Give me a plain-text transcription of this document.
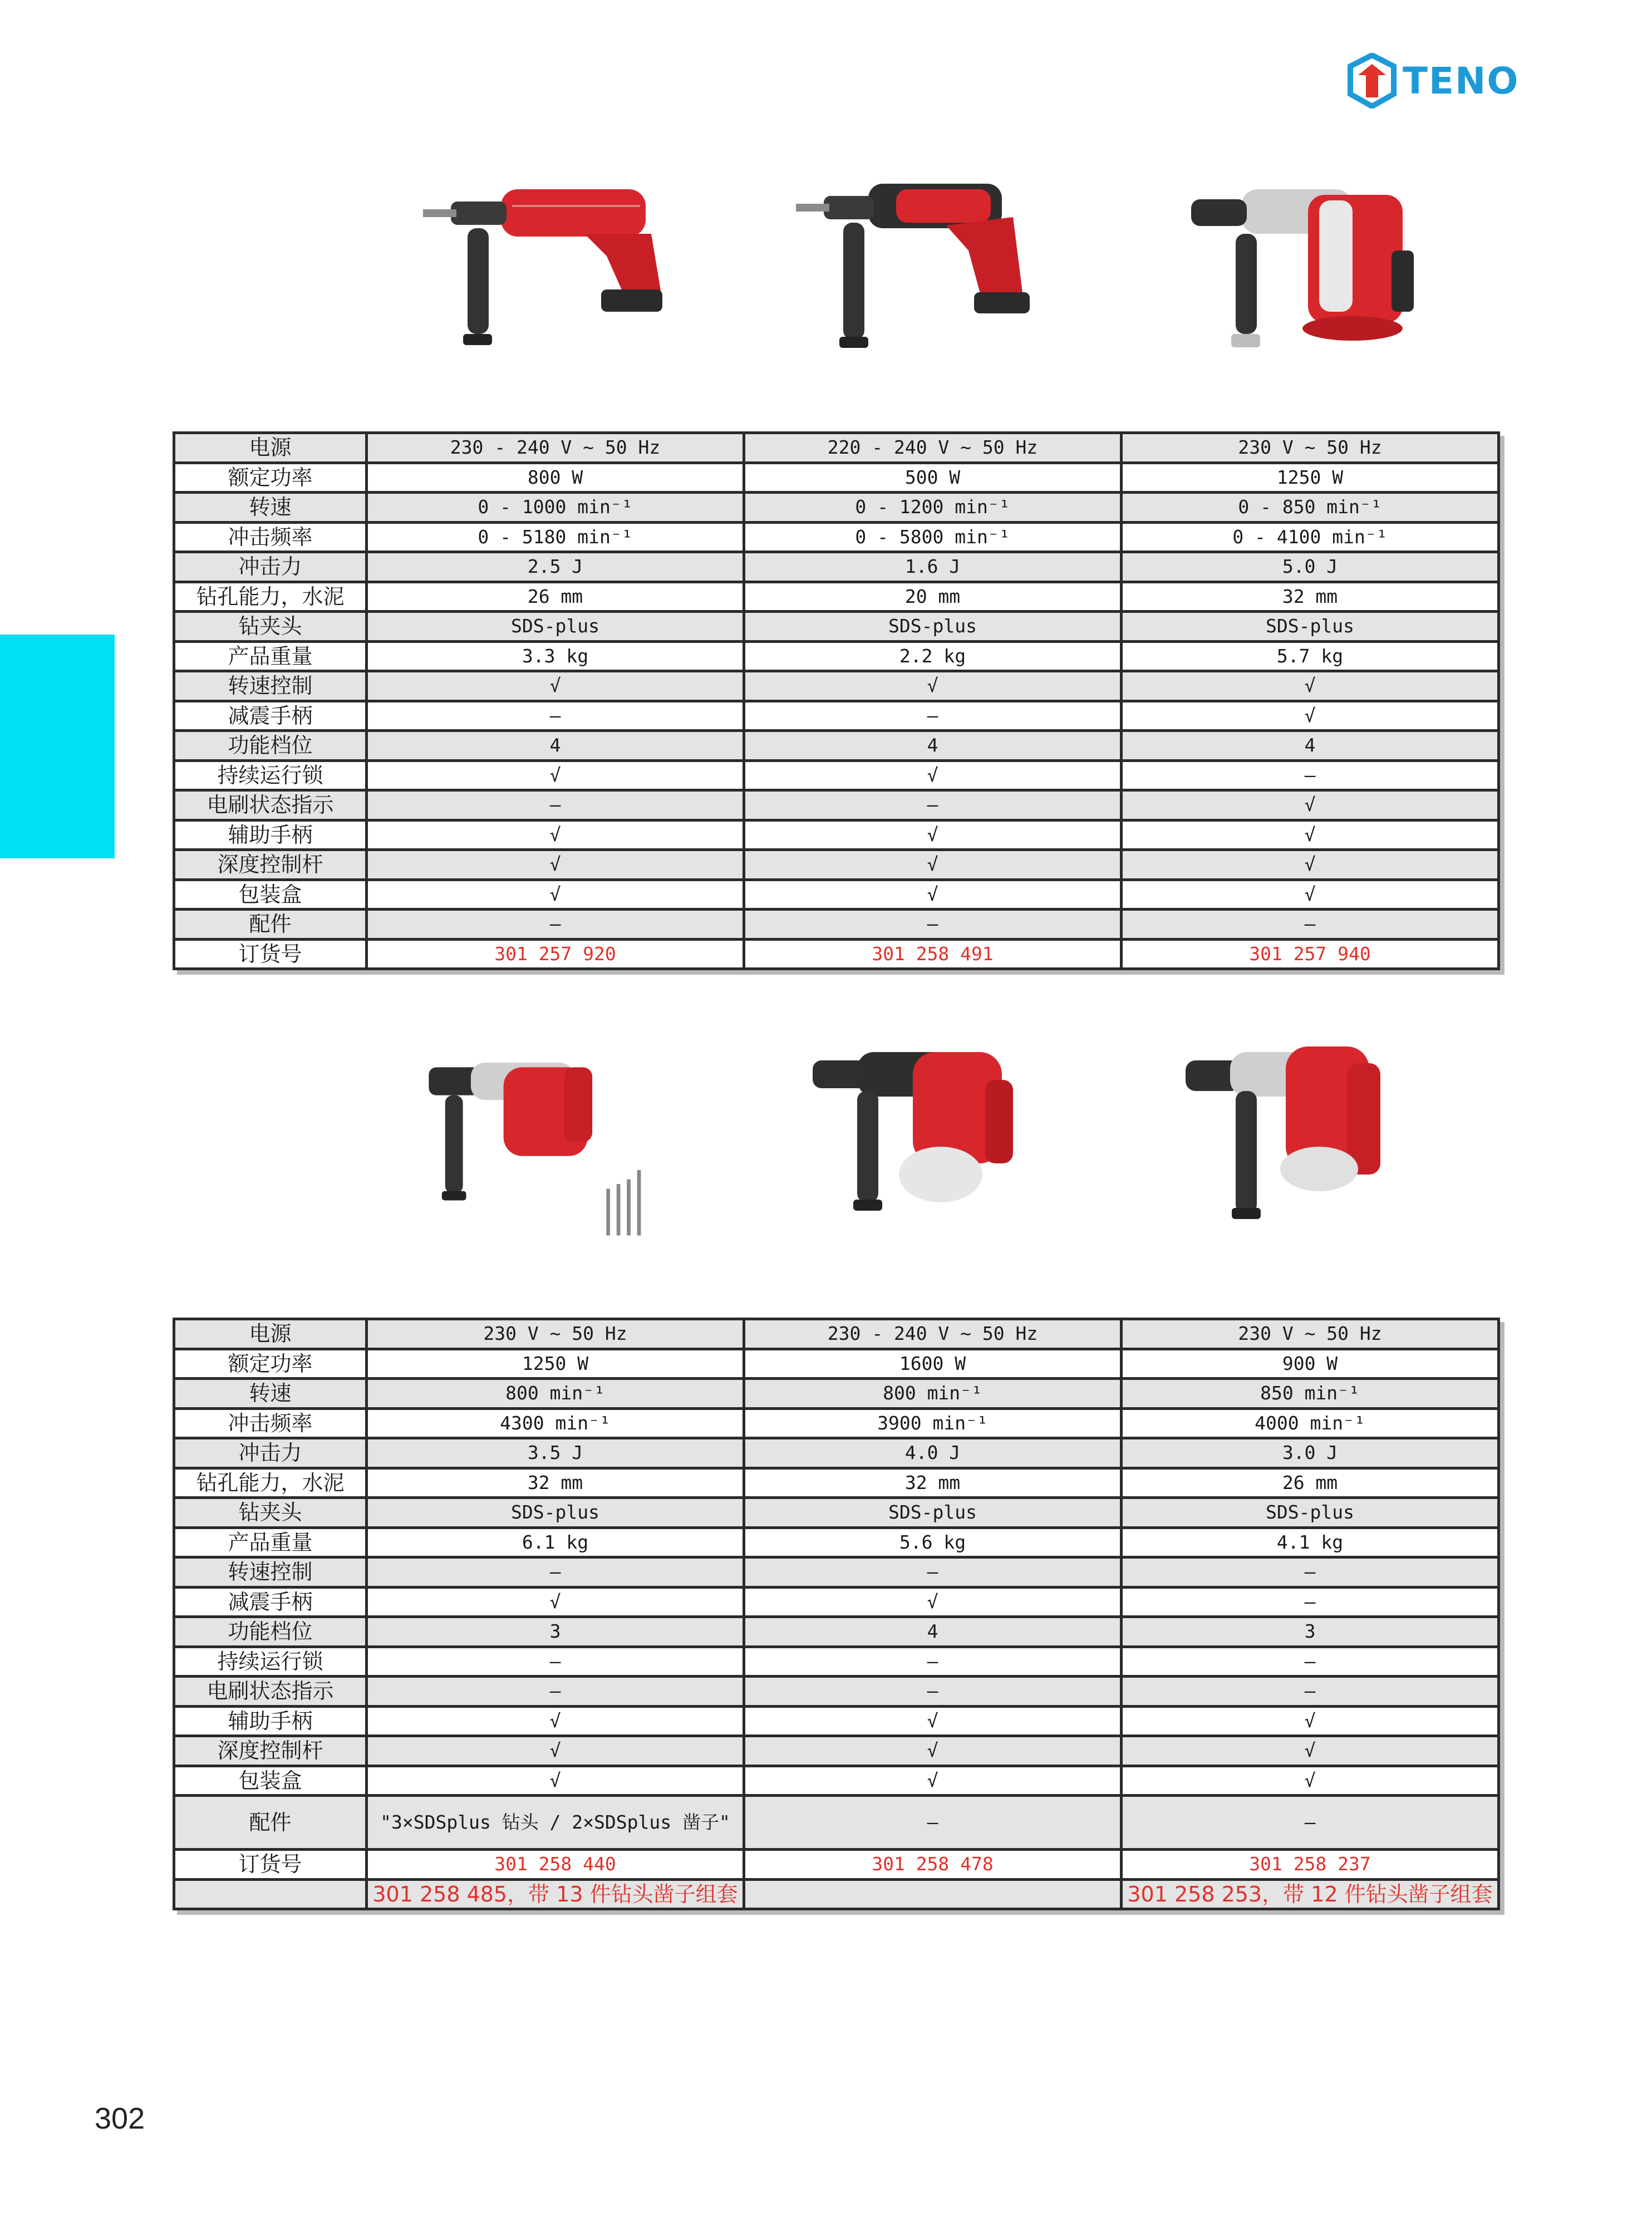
TENO
电源	230 - 240 V ~ 50 Hz	220 - 240 V ~ 50 Hz	230 V ~ 50 Hz
额定功率	800 W	500 W	1250 W
转速	0 - 1000 min⁻¹	0 - 1200 min⁻¹	0 - 850 min⁻¹
冲击频率	0 - 5180 min⁻¹	0 - 5800 min⁻¹	0 - 4100 min⁻¹
冲击力	2.5 J	1.6 J	5.0 J
钻孔能力，水泥	26 mm	20 mm	32 mm
钻夹头	SDS-plus	SDS-plus	SDS-plus
产品重量	3.3 kg	2.2 kg	5.7 kg
转速控制	√	√	√
减震手柄	—	—	√
功能档位	4	4	4
持续运行锁	√	√	—
电刷状态指示	—	—	√
辅助手柄	√	√	√
深度控制杆	√	√	√
包装盒	√	√	√
配件	—	—	—
订货号	301 257 920	301 258 491	301 257 940
电源	230 V ~ 50 Hz	230 - 240 V ~ 50 Hz	230 V ~ 50 Hz
额定功率	1250 W	1600 W	900 W
转速	800 min⁻¹	800 min⁻¹	850 min⁻¹
冲击频率	4300 min⁻¹	3900 min⁻¹	4000 min⁻¹
冲击力	3.5 J	4.0 J	3.0 J
钻孔能力，水泥	32 mm	32 mm	26 mm
钻夹头	SDS-plus	SDS-plus	SDS-plus
产品重量	6.1 kg	5.6 kg	4.1 kg
转速控制	—	—	—
减震手柄	√	√	—
功能档位	3	4	3
持续运行锁	—	—	—
电刷状态指示	—	—	—
辅助手柄	√	√	√
深度控制杆	√	√	√
包装盒	√	√	√
配件	"3×SDSplus 钻头 / 2×SDSplus 凿子"	—	—
订货号	301 258 440	301 258 478	301 258 237
	301 258 485，带 13 件钻头凿子组套		301 258 253，带 12 件钻头凿子组套
302
